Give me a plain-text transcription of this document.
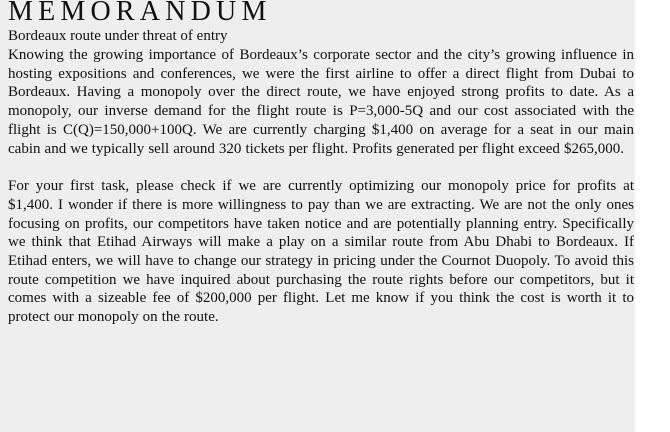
MEMORANDUM
Bordeaux route under threat of entry

Knowing the growing importance of Bordeaux’s corporate sector and the city’s growing influence in hosting expositions and conferences, we were the first airline to offer a direct flight from Dubai to Bordeaux. Having a monopoly over the direct route, we have enjoyed strong profits to date. As a monopoly, our inverse demand for the flight route is P=3,000-5Q and our cost associated with the flight is C(Q)=150,000+100Q. We are currently charging $1,400 on average for a seat in our main cabin and we typically sell around 320 tickets per flight. Profits generated per flight exceed $265,000.

For your first task, please check if we are currently optimizing our monopoly price for profits at $1,400. I wonder if there is more willingness to pay than we are extracting. We are not the only ones focusing on profits, our competitors have taken notice and are potentially planning entry. Specifically we think that Etihad Airways will make a play on a similar route from Abu Dhabi to Bordeaux. If Etihad enters, we will have to change our strategy in pricing under the Cournot Duopoly. To avoid this route competition we have inquired about purchasing the route rights before our competitors, but it comes with a sizeable fee of $200,000 per flight. Let me know if you think the cost is worth it to protect our monopoly on the route.
